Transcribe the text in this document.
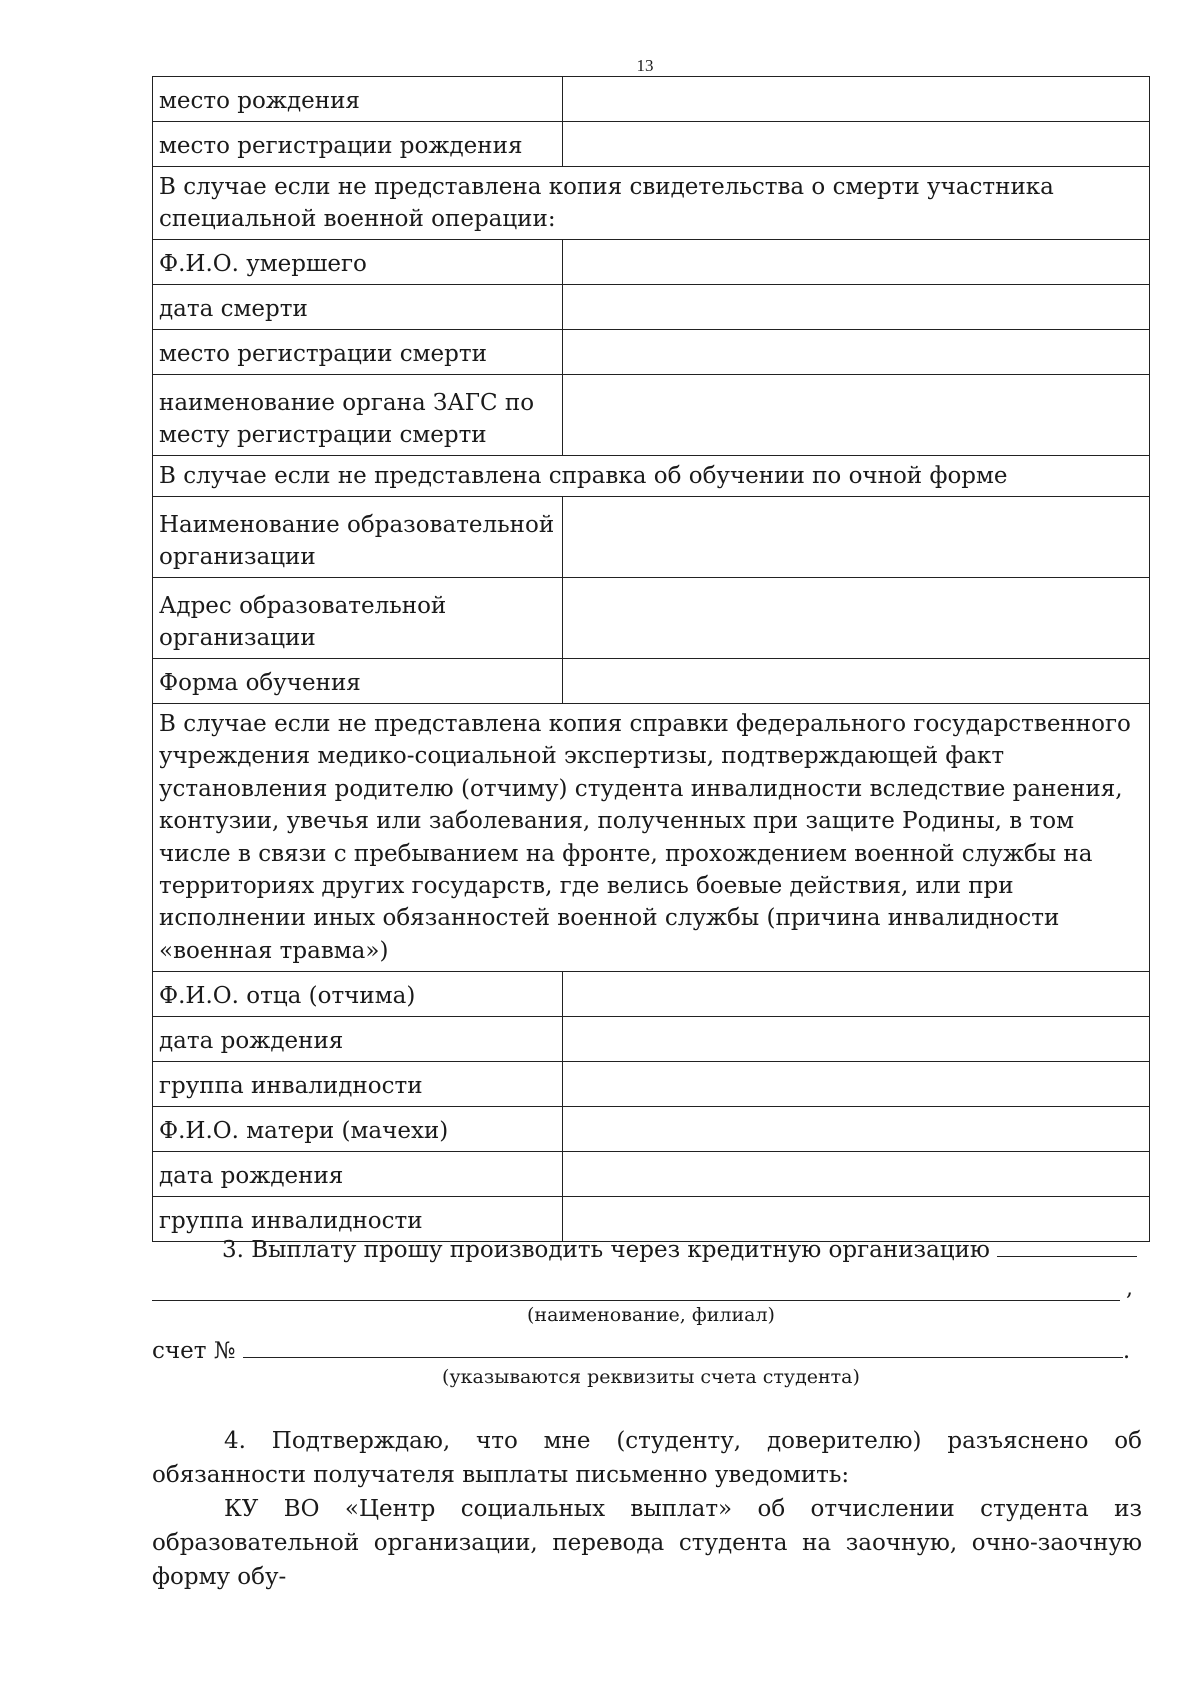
13
место рождения	
место регистрации рождения	
В случае если не представлена копия свидетельства о смерти участника специальной военной операции:	
Ф.И.О. умершего	
дата смерти	
место регистрации смерти	
наименование органа ЗАГС по месту регистрации смерти	
В случае если не представлена справка об обучении по очной форме	
Наименование образовательной организации	
Адрес образовательной организации	
Форма обучения	
В случае если не представлена копия справки федерального государственного учреждения медико-социальной экспертизы, подтверждающей факт установления родителю (отчиму) студента инвалидности вследствие ранения, контузии, увечья или заболевания, полученных при защите Родины, в том числе в связи с пребыванием на фронте, прохождением военной службы на территориях других государств, где велись боевые действия, или при исполнении иных обязанностей военной службы (причина инвалидности «военная травма»)	
Ф.И.О. отца (отчима)	
дата рождения	
группа инвалидности	
Ф.И.О. матери (мачехи)	
дата рождения	
группа инвалидности	
3. Выплату прошу производить через кредитную организацию
,
(наименование, филиал)
счет №	.
(указываются реквизиты счета студента)
4. Подтверждаю, что мне (студенту, доверителю) разъяснено об обязанности получателя выплаты письменно уведомить:
КУ ВО «Центр социальных выплат» об отчислении студента из образовательной организации, перевода студента на заочную, очно-заочную форму обу-
